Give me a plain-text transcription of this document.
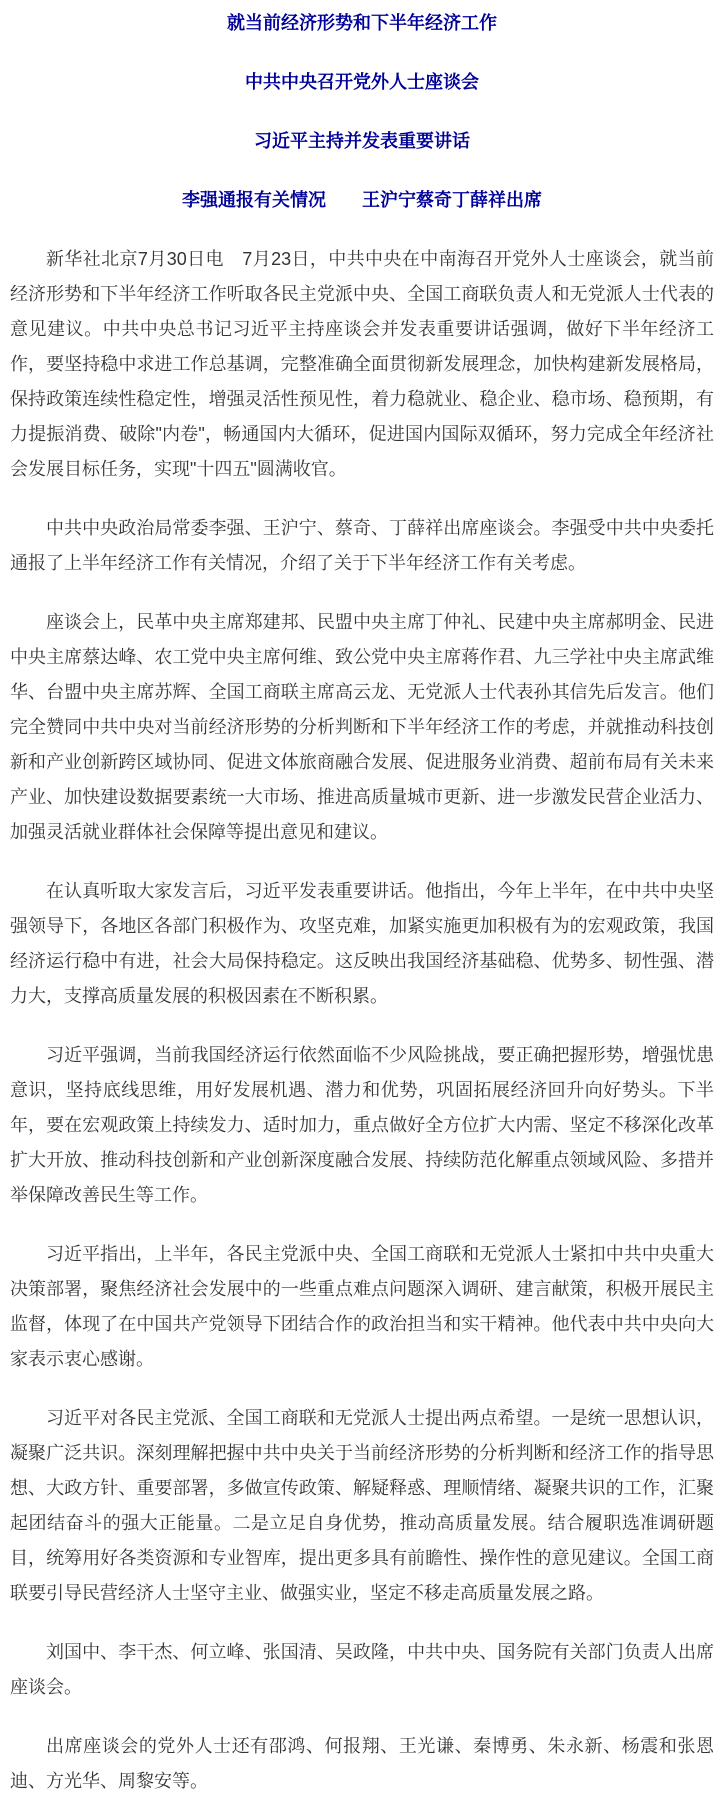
就当前经济形势和下半年经济工作
中共中央召开党外人士座谈会
习近平主持并发表重要讲话
李强通报有关情况　　王沪宁蔡奇丁薛祥出席

新华社北京7月30日电　7月23日，中共中央在中南海召开党外人士座谈会，就当前经济形势和下半年经济工作听取各民主党派中央、全国工商联负责人和无党派人士代表的意见建议。中共中央总书记习近平主持座谈会并发表重要讲话强调，做好下半年经济工作，要坚持稳中求进工作总基调，完整准确全面贯彻新发展理念，加快构建新发展格局，保持政策连续性稳定性，增强灵活性预见性，着力稳就业、稳企业、稳市场、稳预期，有力提振消费、破除"内卷"，畅通国内大循环，促进国内国际双循环，努力完成全年经济社会发展目标任务，实现"十四五"圆满收官。

中共中央政治局常委李强、王沪宁、蔡奇、丁薛祥出席座谈会。李强受中共中央委托通报了上半年经济工作有关情况，介绍了关于下半年经济工作有关考虑。

座谈会上，民革中央主席郑建邦、民盟中央主席丁仲礼、民建中央主席郝明金、民进中央主席蔡达峰、农工党中央主席何维、致公党中央主席蒋作君、九三学社中央主席武维华、台盟中央主席苏辉、全国工商联主席高云龙、无党派人士代表孙其信先后发言。他们完全赞同中共中央对当前经济形势的分析判断和下半年经济工作的考虑，并就推动科技创新和产业创新跨区域协同、促进文体旅商融合发展、促进服务业消费、超前布局有关未来产业、加快建设数据要素统一大市场、推进高质量城市更新、进一步激发民营企业活力、加强灵活就业群体社会保障等提出意见和建议。

在认真听取大家发言后，习近平发表重要讲话。他指出，今年上半年，在中共中央坚强领导下，各地区各部门积极作为、攻坚克难，加紧实施更加积极有为的宏观政策，我国经济运行稳中有进，社会大局保持稳定。这反映出我国经济基础稳、优势多、韧性强、潜力大，支撑高质量发展的积极因素在不断积累。

习近平强调，当前我国经济运行依然面临不少风险挑战，要正确把握形势，增强忧患意识，坚持底线思维，用好发展机遇、潜力和优势，巩固拓展经济回升向好势头。下半年，要在宏观政策上持续发力、适时加力，重点做好全方位扩大内需、坚定不移深化改革扩大开放、推动科技创新和产业创新深度融合发展、持续防范化解重点领域风险、多措并举保障改善民生等工作。

习近平指出，上半年，各民主党派中央、全国工商联和无党派人士紧扣中共中央重大决策部署，聚焦经济社会发展中的一些重点难点问题深入调研、建言献策，积极开展民主监督，体现了在中国共产党领导下团结合作的政治担当和实干精神。他代表中共中央向大家表示衷心感谢。

习近平对各民主党派、全国工商联和无党派人士提出两点希望。一是统一思想认识，凝聚广泛共识。深刻理解把握中共中央关于当前经济形势的分析判断和经济工作的指导思想、大政方针、重要部署，多做宣传政策、解疑释惑、理顺情绪、凝聚共识的工作，汇聚起团结奋斗的强大正能量。二是立足自身优势，推动高质量发展。结合履职选准调研题目，统筹用好各类资源和专业智库，提出更多具有前瞻性、操作性的意见建议。全国工商联要引导民营经济人士坚守主业、做强实业，坚定不移走高质量发展之路。

刘国中、李干杰、何立峰、张国清、吴政隆，中共中央、国务院有关部门负责人出席座谈会。

出席座谈会的党外人士还有邵鸿、何报翔、王光谦、秦博勇、朱永新、杨震和张恩迪、方光华、周黎安等。
